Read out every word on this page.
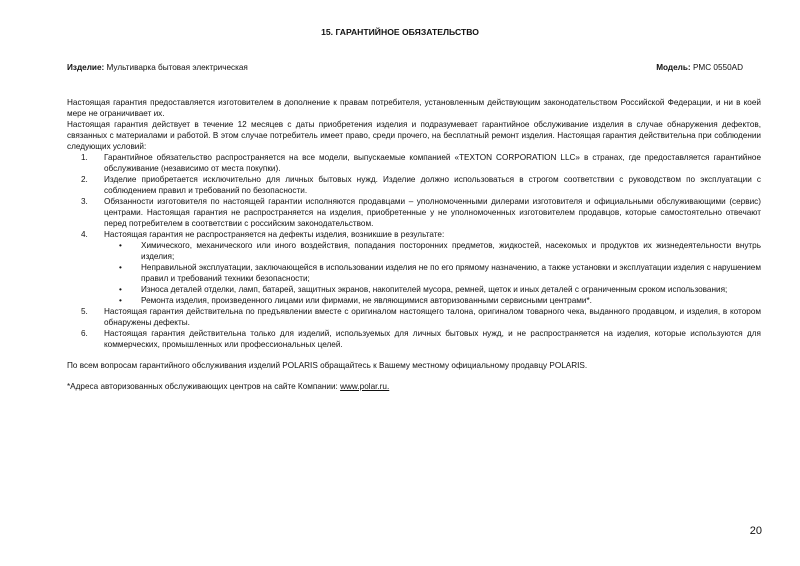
15. ГАРАНТИЙНОЕ ОБЯЗАТЕЛЬСТВО
Изделие: Мультиварка бытовая электрическая	Модель: PMC 0550AD

Настоящая гарантия предоставляется изготовителем в дополнение к правам потребителя, установленным действующим законодательством Российской Федерации, и ни в коей мере не ограничивает их.

Настоящая гарантия действует в течение 12 месяцев с даты приобретения изделия и подразумевает гарантийное обслуживание изделия в случае обнаружения дефектов, связанных с материалами и работой. В этом случае потребитель имеет право, среди прочего, на бесплатный ремонт изделия. Настоящая гарантия действительна при соблюдении следующих условий:

1. Гарантийное обязательство распространяется на все модели, выпускаемые компанией «TEXTON CORPORATION LLC» в странах, где предоставляется гарантийное обслуживание (независимо от места покупки).
2. Изделие приобретается исключительно для личных бытовых нужд. Изделие должно использоваться в строгом соответствии с руководством по эксплуатации с соблюдением правил и требований по безопасности.
3. Обязанности изготовителя по настоящей гарантии исполняются продавцами – уполномоченными дилерами изготовителя и официальными обслуживающими (сервис) центрами. Настоящая гарантия не распространяется на изделия, приобретенные у не уполномоченных изготовителем продавцов, которые самостоятельно отвечают перед потребителем в соответствии с российским законодательством.
4. Настоящая гарантия не распространяется на дефекты изделия, возникшие в результате:
• Химического, механического или иного воздействия, попадания посторонних предметов, жидкостей, насекомых и продуктов их жизнедеятельности внутрь изделия;
• Неправильной эксплуатации, заключающейся в использовании изделия не по его прямому назначению, а также установки и эксплуатации изделия с нарушением правил и требований техники безопасности;
• Износа деталей отделки, ламп, батарей, защитных экранов, накопителей мусора, ремней, щеток и иных деталей с ограниченным сроком использования;
• Ремонта изделия, произведенного лицами или фирмами, не являющимися авторизованными сервисными центрами*.
5. Настоящая гарантия действительна по предъявлении вместе с оригиналом настоящего талона, оригиналом товарного чека, выданного продавцом, и изделия, в котором обнаружены дефекты.
6. Настоящая гарантия действительна только для изделий, используемых для личных бытовых нужд, и не распространяется на изделия, которые используются для коммерческих, промышленных или профессиональных целей.

По всем вопросам гарантийного обслуживания изделий POLARIS обращайтесь к Вашему местному официальному продавцу POLARIS.

*Адреса авторизованных обслуживающих центров на сайте Компании: www.polar.ru.

20
